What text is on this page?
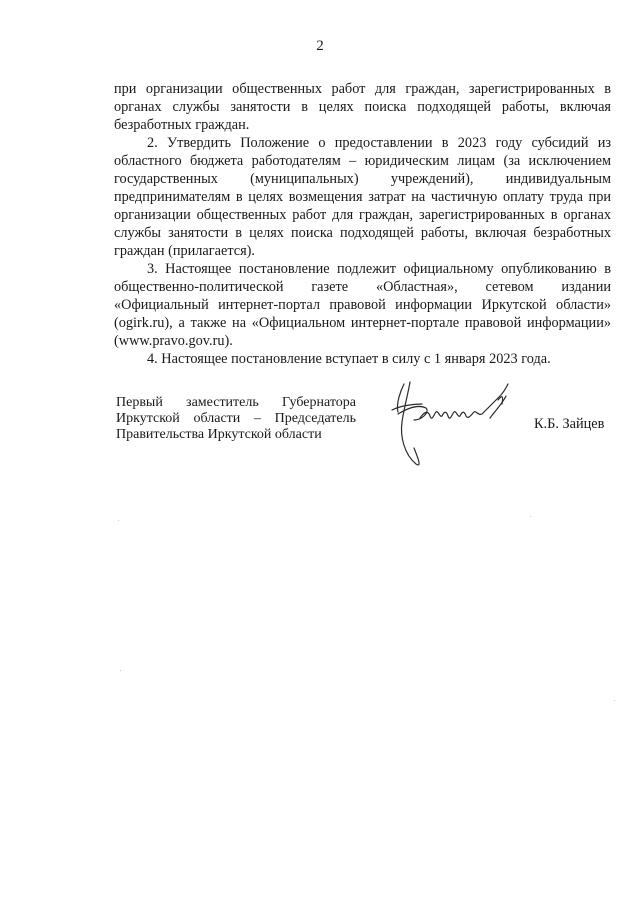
2

при организации общественных работ для граждан, зарегистрированных в органах службы занятости в целях поиска подходящей работы, включая безработных граждан.

2. Утвердить Положение о предоставлении в 2023 году субсидий из областного бюджета работодателям – юридическим лицам (за исключением государственных (муниципальных) учреждений), индивидуальным предпринимателям в целях возмещения затрат на частичную оплату труда при организации общественных работ для граждан, зарегистрированных в органах службы занятости в целях поиска подходящей работы, включая безработных граждан (прилагается).

3. Настоящее постановление подлежит официальному опубликованию в общественно-политической газете «Областная», сетевом издании «Официальный интернет-портал правовой информации Иркутской области» (ogirk.ru), а также на «Официальном интернет-портале правовой информации» (www.pravo.gov.ru).

4. Настоящее постановление вступает в силу с 1 января 2023 года.

Первый заместитель Губернатора
Иркутской области – Председатель
Правительства Иркутской области
К.Б. Зайцев
